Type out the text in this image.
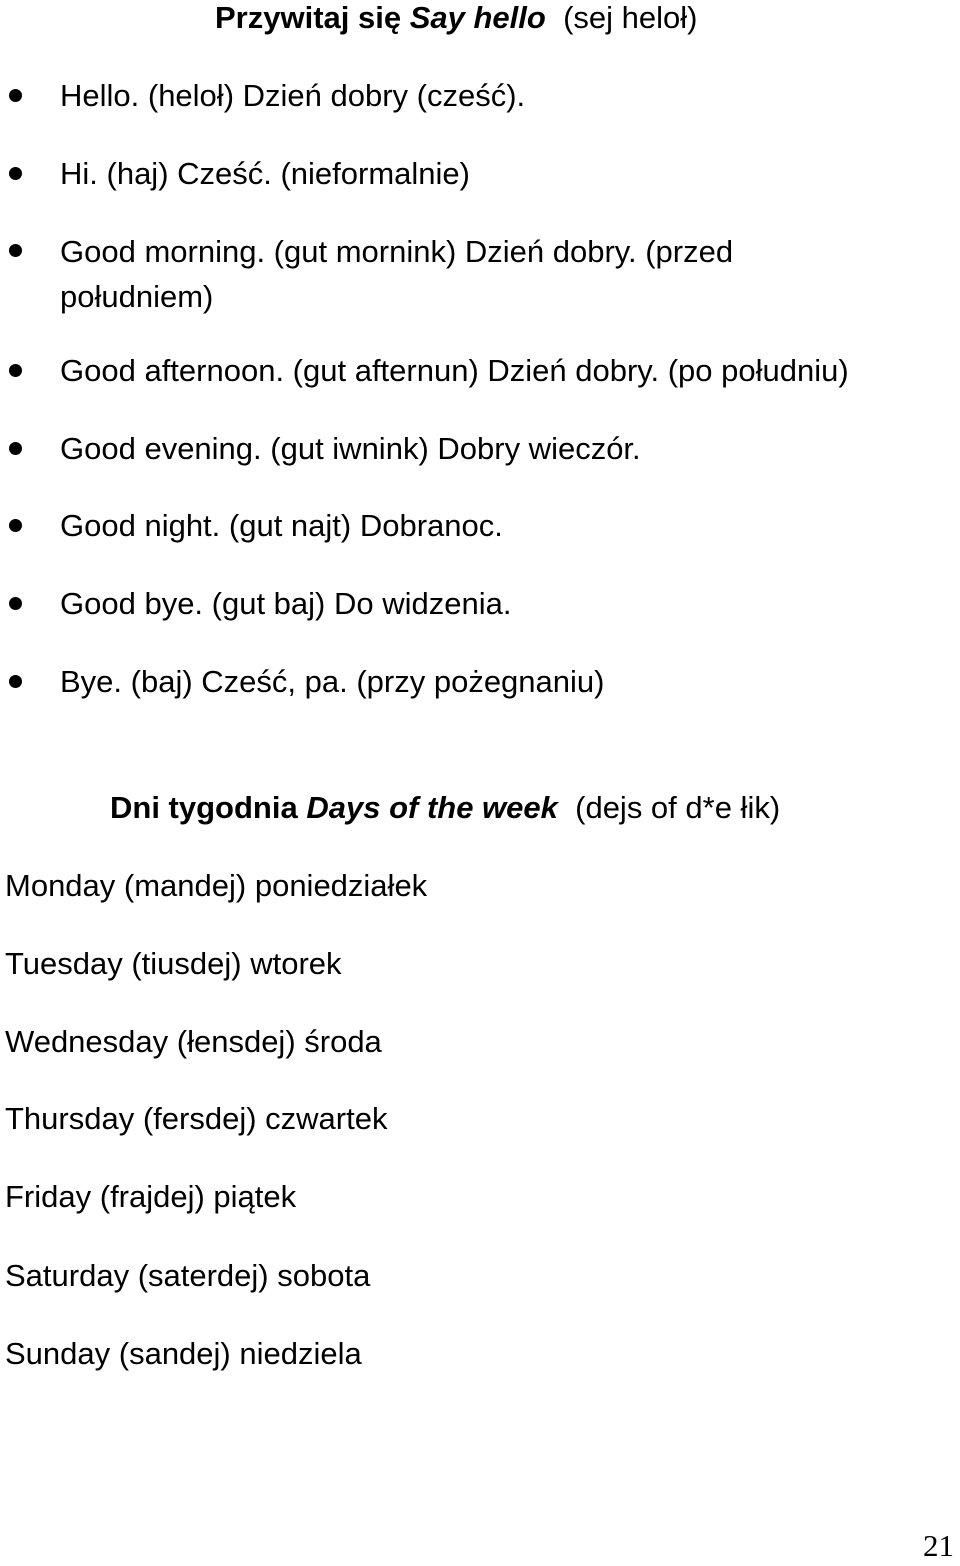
Przywitaj się Say hello (sej heloł)
Hello. (heloł) Dzień dobry (cześć).
Hi. (haj) Cześć. (nieformalnie)
Good morning. (gut mornink) Dzień dobry. (przed południem)
Good afternoon. (gut afternun) Dzień dobry. (po południu)
Good evening. (gut iwnink) Dobry wieczór.
Good night. (gut najt) Dobranoc.
Good bye. (gut baj) Do widzenia.
Bye. (baj) Cześć, pa. (przy pożegnaniu)
Dni tygodnia Days of the week (dejs of d*e łik)

Monday (mandej) poniedziałek

Tuesday (tiusdej) wtorek

Wednesday (łensdej) środa

Thursday (fersdej) czwartek

Friday (frajdej) piątek

Saturday (saterdej) sobota

Sunday (sandej) niedziela

21
